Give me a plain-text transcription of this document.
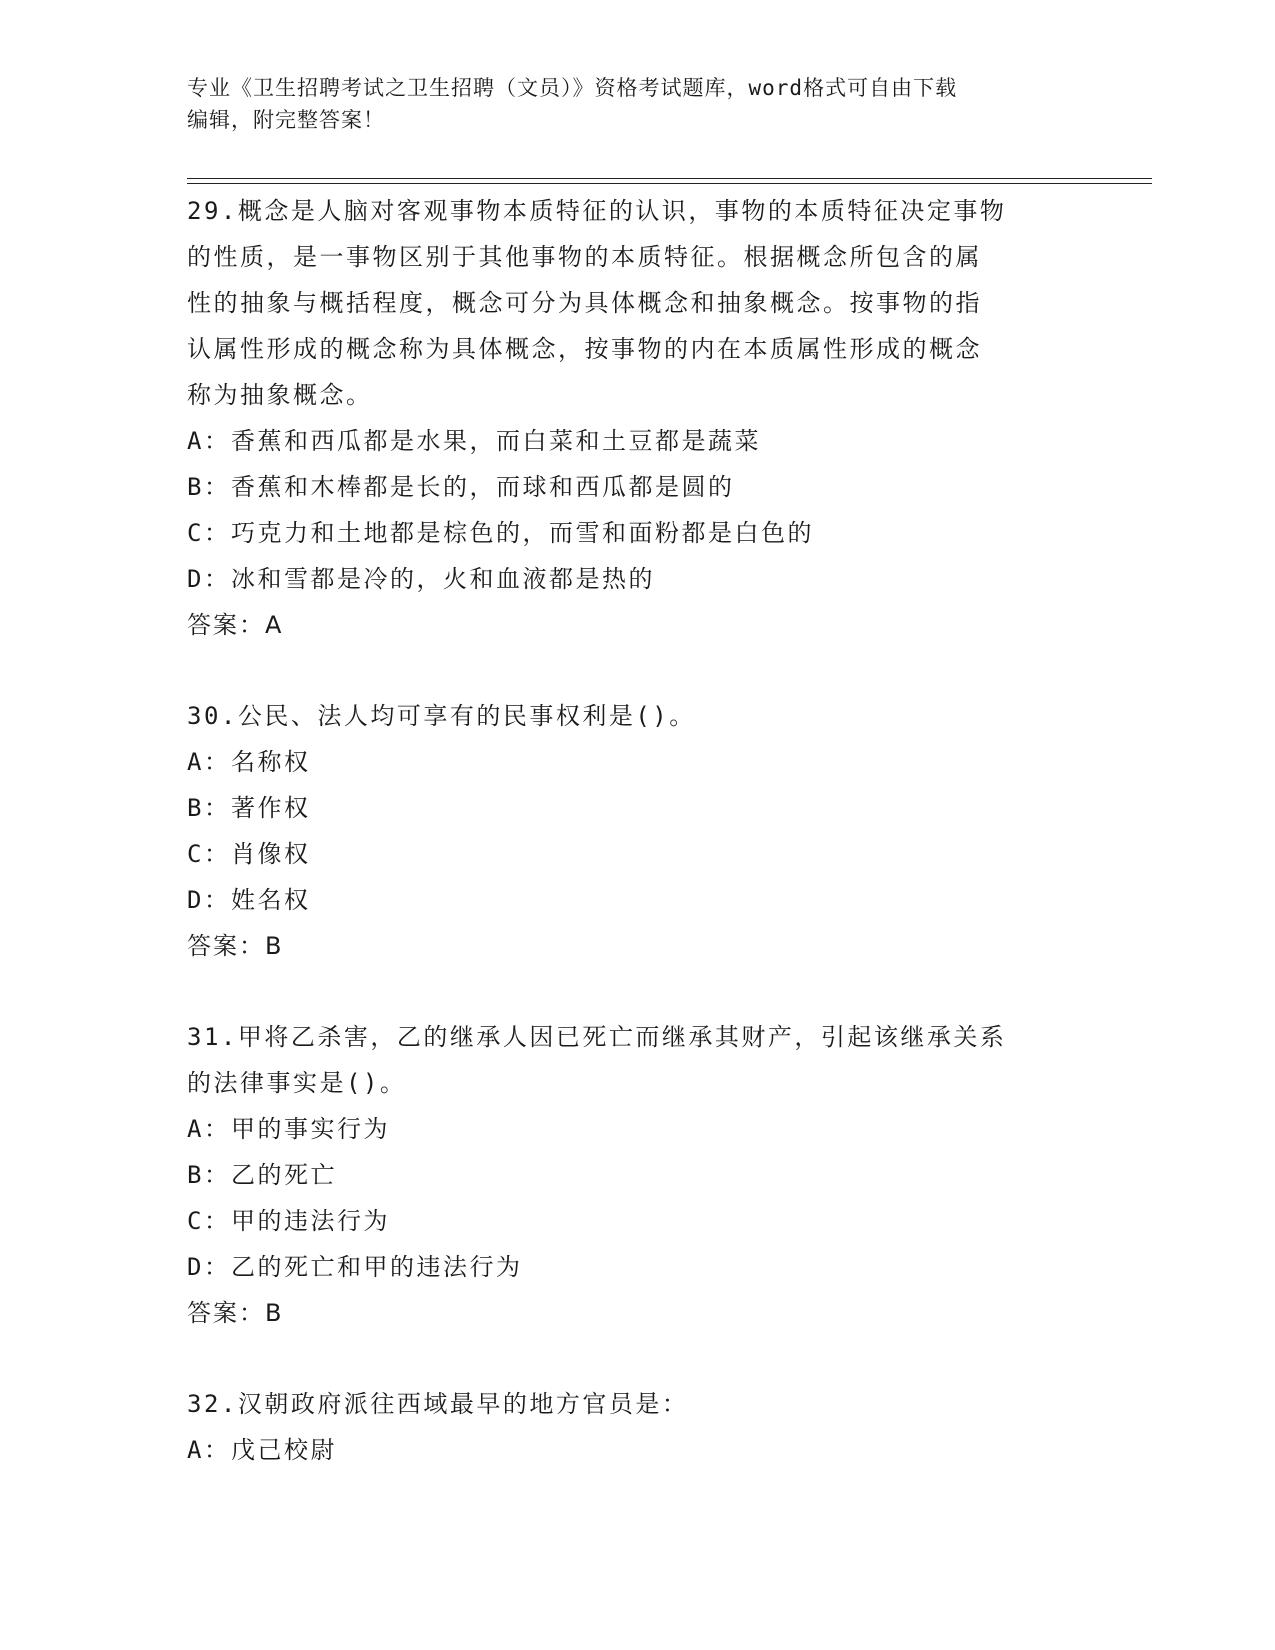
专业《卫生招聘考试之卫生招聘（文员）》资格考试题库，word格式可自由下载
编辑，附完整答案！
29.概念是人脑对客观事物本质特征的认识，事物的本质特征决定事物
的性质，是一事物区别于其他事物的本质特征。根据概念所包含的属
性的抽象与概括程度，概念可分为具体概念和抽象概念。按事物的指
认属性形成的概念称为具体概念，按事物的内在本质属性形成的概念
称为抽象概念。
A：香蕉和西瓜都是水果，而白菜和土豆都是蔬菜
B：香蕉和木棒都是长的，而球和西瓜都是圆的
C：巧克力和土地都是棕色的，而雪和面粉都是白色的
D：冰和雪都是冷的，火和血液都是热的
答案：A
30.公民、法人均可享有的民事权利是()。
A：名称权
B：著作权
C：肖像权
D：姓名权
答案：B
31.甲将乙杀害，乙的继承人因已死亡而继承其财产，引起该继承关系
的法律事实是()。
A：甲的事实行为
B：乙的死亡
C：甲的违法行为
D：乙的死亡和甲的违法行为
答案：B
32.汉朝政府派往西域最早的地方官员是：
A：戊己校尉
